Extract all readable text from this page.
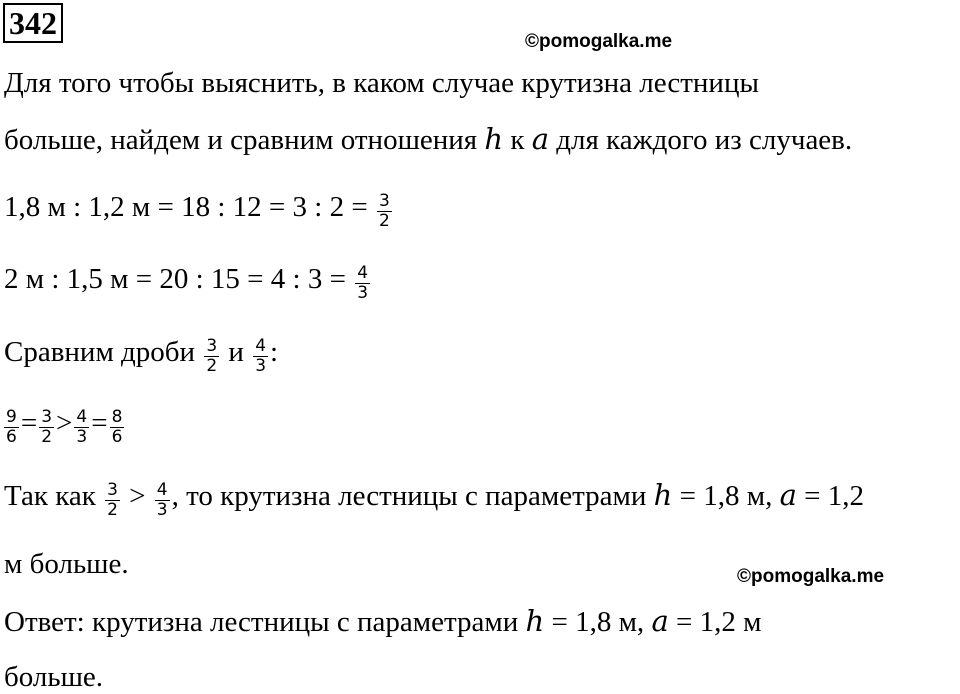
342
©pomogalka.me
Для того чтобы выяснить, в каком случае крутизна лестницы
больше, найдем и сравним отношения h к a для каждого из случаев.
1,8 м : 1,2 м = 18 : 12 = 3 : $2 = \frac{3}{2}$
2 м : 1,5 м = 20 : 15 = 4 : $3 = \frac{4}{3}$
Сравним дроби $\frac{3}{2}$ и $\frac{4}{3}$ :
$\frac{9}{6} = \frac{3}{2} > \frac{4}{3} = \frac{8}{6}$
Так как $\frac{3}{2} > \frac{4}{3}$ , то крутизна лестницы с параметрами h = 1,8 м, a = 1,2
м больше.	©pomogalka.me
Ответ: крутизна лестницы с параметрами h = 1,8 м, a = 1,2 м
больше.
